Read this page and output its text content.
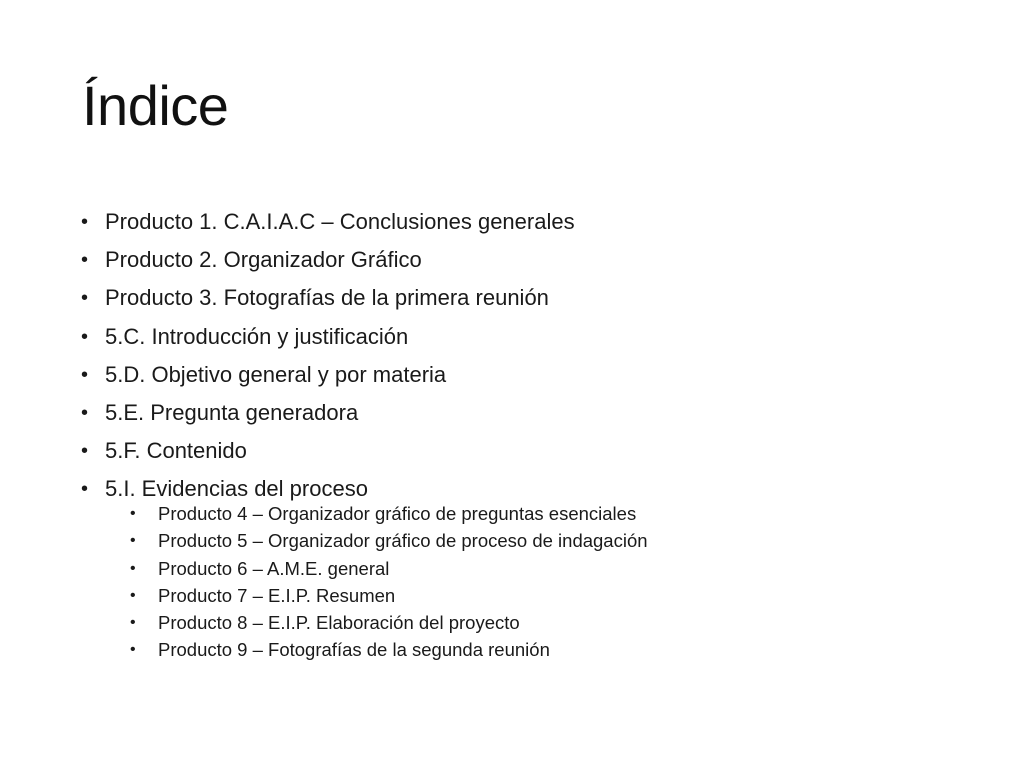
Índice
• Producto 1. C.A.I.A.C – Conclusiones generales
• Producto 2. Organizador Gráfico
• Producto 3. Fotografías de la primera reunión
• 5.C. Introducción y justificación
• 5.D. Objetivo general y por materia
• 5.E. Pregunta generadora
• 5.F. Contenido
• 5.I. Evidencias del proceso
• Producto 4 – Organizador gráfico de preguntas esenciales
• Producto 5 – Organizador gráfico de proceso de indagación
• Producto 6 – A.M.E. general
• Producto 7 – E.I.P. Resumen
• Producto 8 – E.I.P. Elaboración del proyecto
• Producto 9 – Fotografías de la segunda reunión
